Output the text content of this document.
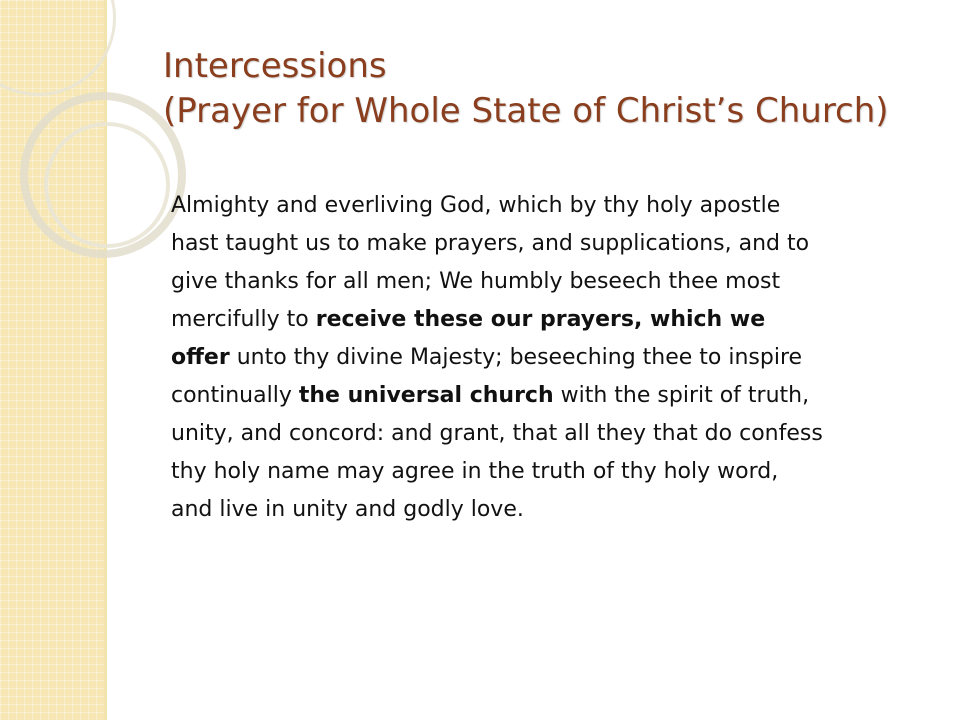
Intercessions
(Prayer for Whole State of Christ’s Church)
Almighty and everliving God, which by thy holy apostle
hast taught us to make prayers, and supplications, and to
give thanks for all men; We humbly beseech thee most
mercifully to receive these our prayers, which we
offer unto thy divine Majesty; beseeching thee to inspire
continually the universal church with the spirit of truth,
unity, and concord: and grant, that all they that do confess
thy holy name may agree in the truth of thy holy word,
and live in unity and godly love.
